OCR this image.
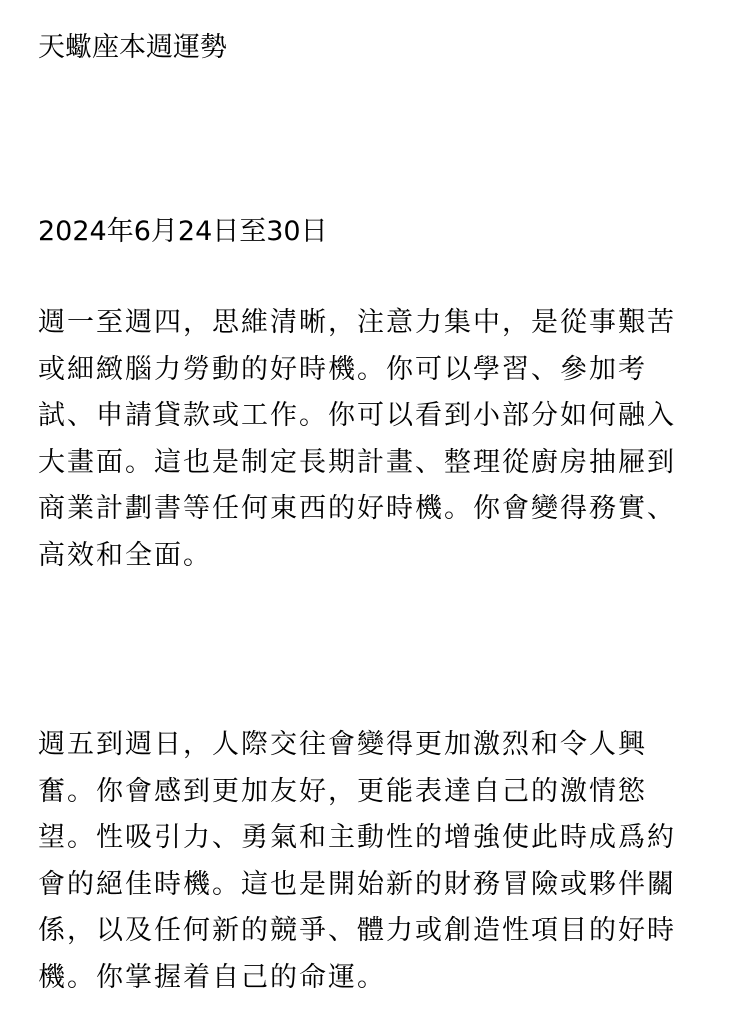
天蠍座本週運勢
2024年6月24日至30日
週一至週四，思維清晰，注意力集中，是從事艱苦或細緻腦力勞動的好時機。你可以學習、參加考試、申請貸款或工作。你可以看到小部分如何融入大畫面。這也是制定長期計畫、整理從廚房抽屜到商業計劃書等任何東西的好時機。你會變得務實、高效和全面。
週五到週日，人際交往會變得更加激烈和令人興奮。你會感到更加友好，更能表達自己的激情慾望。性吸引力、勇氣和主動性的增強使此時成爲約會的絕佳時機。這也是開始新的財務冒險或夥伴關係，以及任何新的競爭、體力或創造性項目的好時機。你掌握着自己的命運。
